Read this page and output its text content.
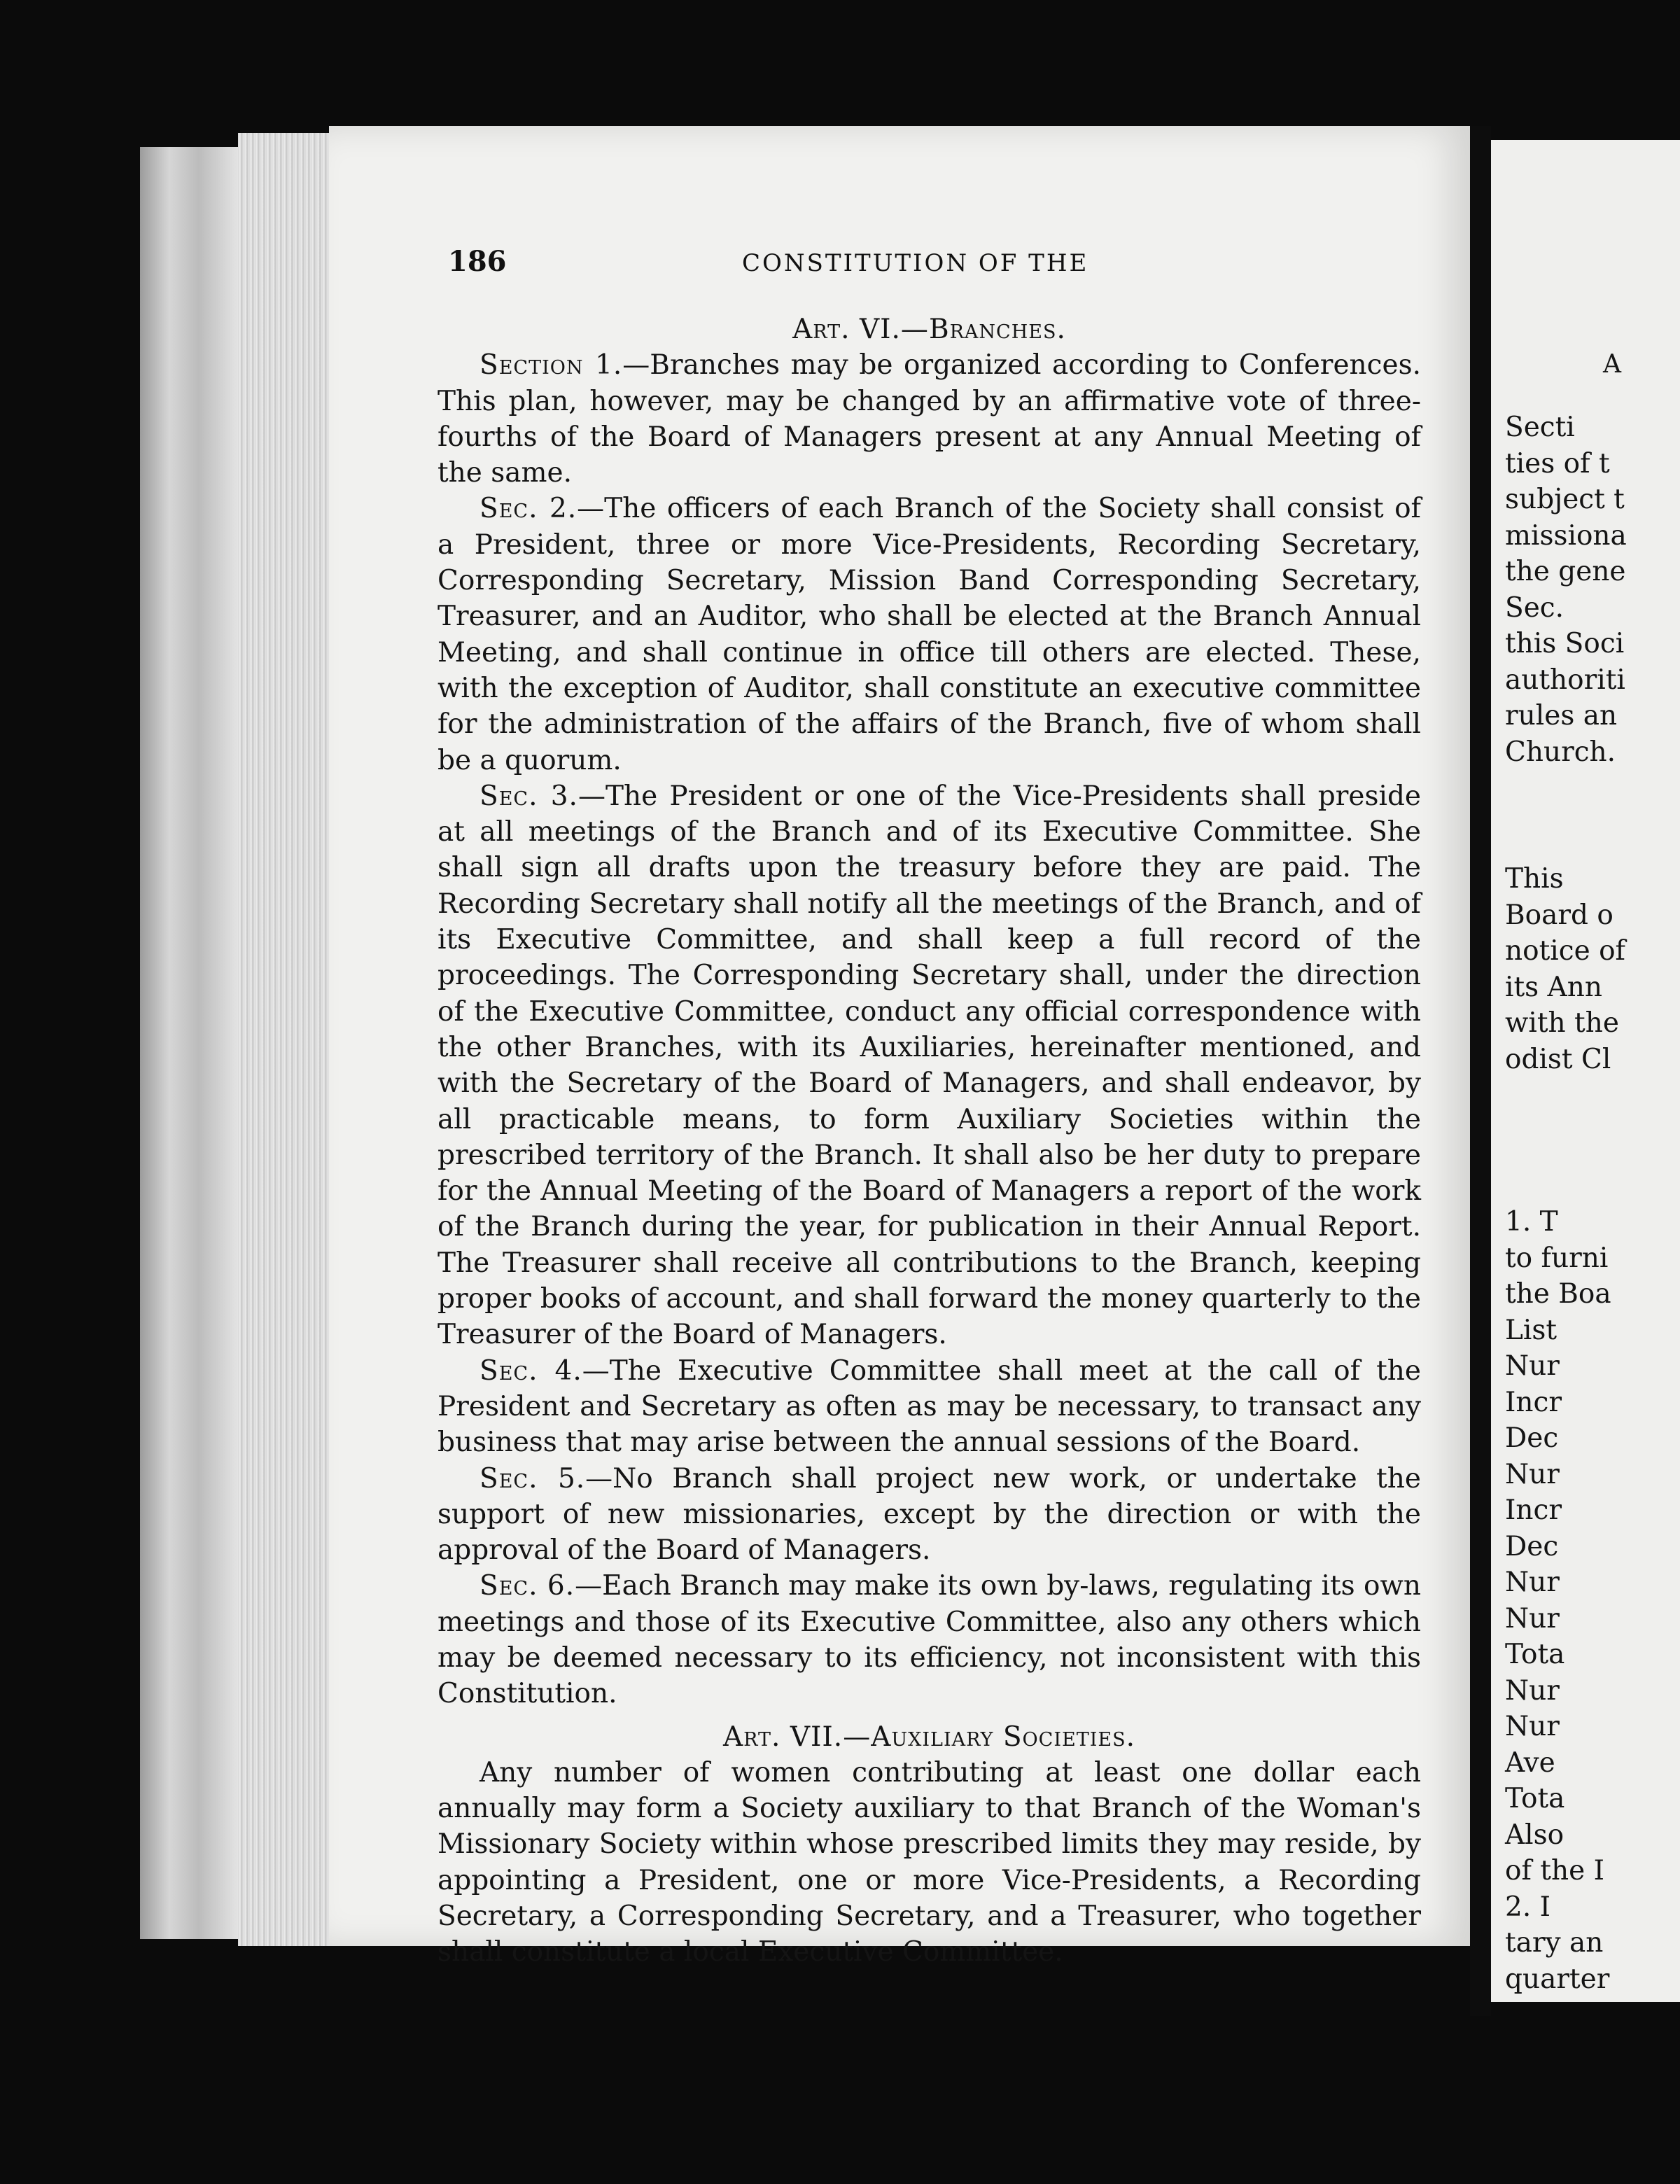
A
Secti
ties of t
subject t
missiona
the gene
Sec.
this Soci
authoriti
rules an
Church.
This
Board o
notice of
its Ann
with the
odist Cl
1. T
to furni
the Boa
List
Nur
Incr
Dec
Nur
Incr
Dec
Nur
Nur
Tota
Nur
Nur
Ave
Tota
Also
of the I
2. I
tary an
quarter
186	CONSTITUTION OF THE

Art. VI.—Branches.

Section 1.—Branches may be organized according to Conferences. This plan, however, may be changed by an affirmative vote of three-fourths of the Board of Managers present at any Annual Meeting of the same.

Sec. 2.—The officers of each Branch of the Society shall consist of a President, three or more Vice-Presidents, Recording Secretary, Corresponding Secretary, Mission Band Corresponding Secretary, Treasurer, and an Auditor, who shall be elected at the Branch Annual Meeting, and shall continue in office till others are elected. These, with the exception of Auditor, shall constitute an executive committee for the administration of the affairs of the Branch, five of whom shall be a quorum.

Sec. 3.—The President or one of the Vice-Presidents shall preside at all meetings of the Branch and of its Executive Committee. She shall sign all drafts upon the treasury before they are paid. The Recording Secretary shall notify all the meetings of the Branch, and of its Executive Committee, and shall keep a full record of the proceedings. The Corresponding Secretary shall, under the direction of the Executive Committee, conduct any official correspondence with the other Branches, with its Auxiliaries, hereinafter mentioned, and with the Secretary of the Board of Managers, and shall endeavor, by all practicable means, to form Auxiliary Societies within the prescribed territory of the Branch. It shall also be her duty to prepare for the Annual Meeting of the Board of Managers a report of the work of the Branch during the year, for publication in their Annual Report. The Treasurer shall receive all contributions to the Branch, keeping proper books of account, and shall forward the money quarterly to the Treasurer of the Board of Managers.

Sec. 4.—The Executive Committee shall meet at the call of the President and Secretary as often as may be necessary, to transact any business that may arise between the annual sessions of the Board.

Sec. 5.—No Branch shall project new work, or undertake the support of new missionaries, except by the direction or with the approval of the Board of Managers.

Sec. 6.—Each Branch may make its own by-laws, regulating its own meetings and those of its Executive Committee, also any others which may be deemed necessary to its efficiency, not inconsistent with this Constitution.

Art. VII.—Auxiliary Societies.

Any number of women contributing at least one dollar each annually may form a Society auxiliary to that Branch of the Woman's Missionary Society within whose prescribed limits they may reside, by appointing a President, one or more Vice-Presidents, a Recording Secretary, a Corresponding Secretary, and a Treasurer, who together shall constitute a local Executive Committee.
